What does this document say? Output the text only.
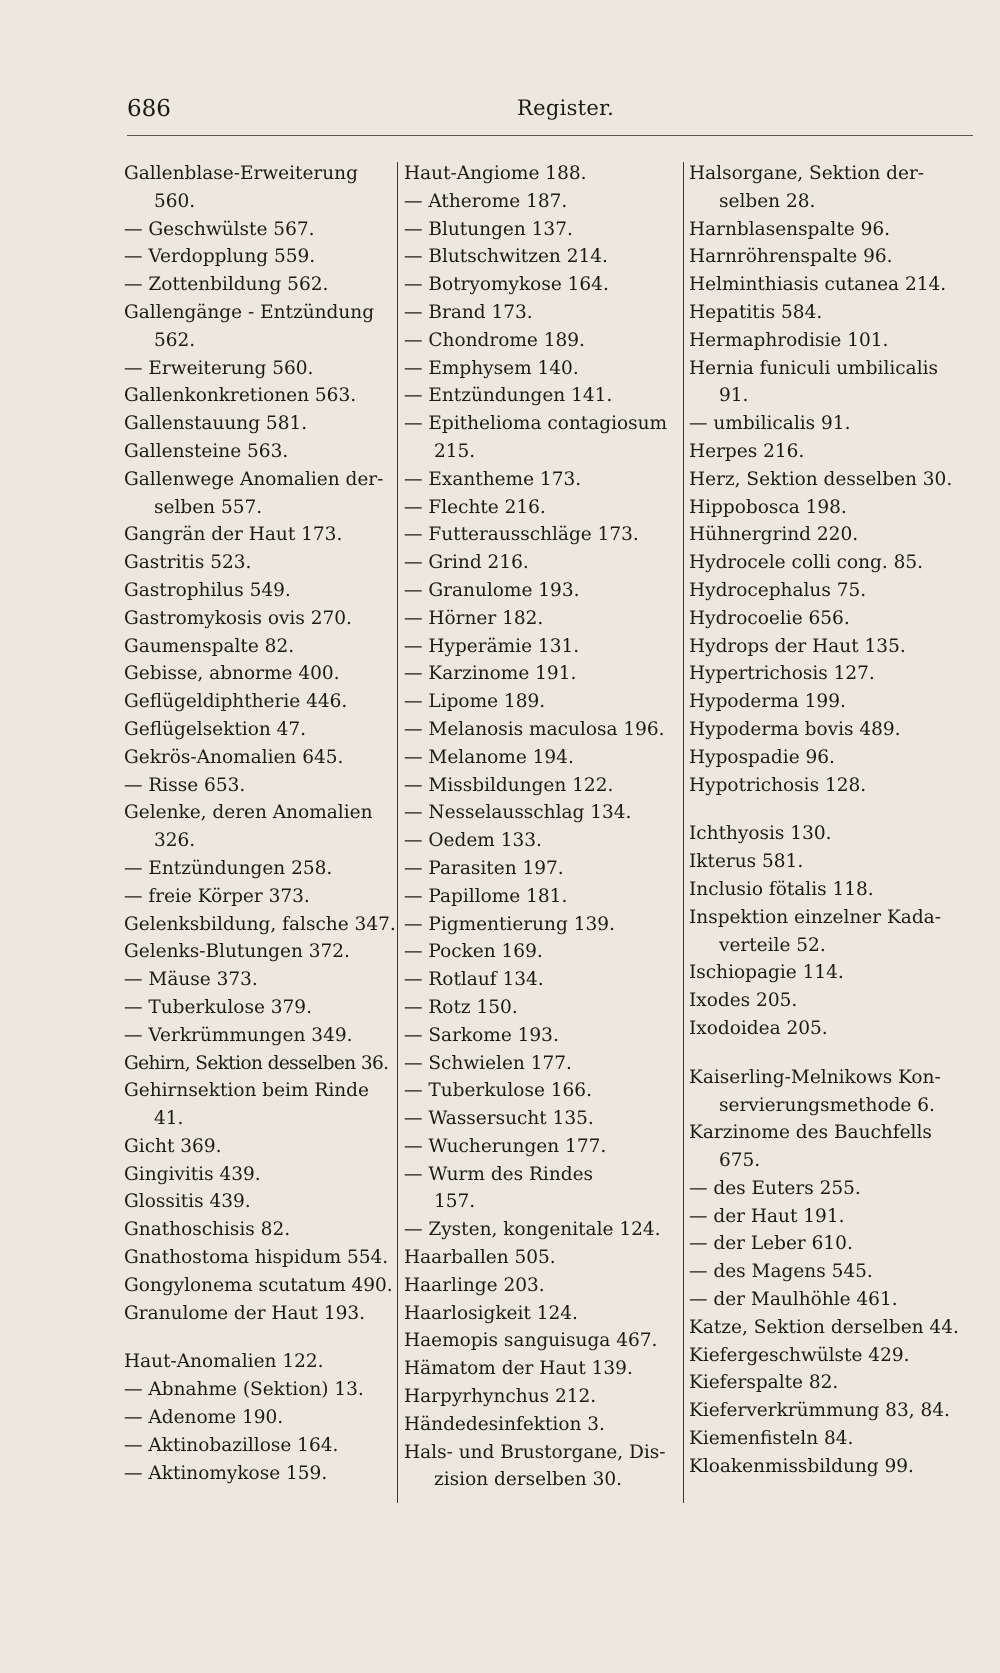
686	Register.
Gallenblase-Erweiterung
560.
— Geschwülste 567.
— Verdopplung 559.
— Zottenbildung 562.
Gallengänge - Entzündung
562.
— Erweiterung 560.
Gallenkonkretionen 563.
Gallenstauung 581.
Gallensteine 563.
Gallenwege Anomalien der-
selben 557.
Gangrän der Haut 173.
Gastritis 523.
Gastrophilus 549.
Gastromykosis ovis 270.
Gaumenspalte 82.
Gebisse, abnorme 400.
Geflügeldiphtherie 446.
Geflügelsektion 47.
Gekrös-Anomalien 645.
— Risse 653.
Gelenke, deren Anomalien
326.
— Entzündungen 258.
— freie Körper 373.
Gelenksbildung, falsche 347.
Gelenks-Blutungen 372.
— Mäuse 373.
— Tuberkulose 379.
— Verkrümmungen 349.
Gehirn, Sektion desselben 36.
Gehirnsektion beim Rinde
41.
Gicht 369.
Gingivitis 439.
Glossitis 439.
Gnathoschisis 82.
Gnathostoma hispidum 554.
Gongylonema scutatum 490.
Granulome der Haut 193.
Haut-Anomalien 122.
— Abnahme (Sektion) 13.
— Adenome 190.
— Aktinobazillose 164.
— Aktinomykose 159.
Haut-Angiome 188.
— Atherome 187.
— Blutungen 137.
— Blutschwitzen 214.
— Botryomykose 164.
— Brand 173.
— Chondrome 189.
— Emphysem 140.
— Entzündungen 141.
— Epithelioma contagiosum
215.
— Exantheme 173.
— Flechte 216.
— Futterausschläge 173.
— Grind 216.
— Granulome 193.
— Hörner 182.
— Hyperämie 131.
— Karzinome 191.
— Lipome 189.
— Melanosis maculosa 196.
— Melanome 194.
— Missbildungen 122.
— Nesselausschlag 134.
— Oedem 133.
— Parasiten 197.
— Papillome 181.
— Pigmentierung 139.
— Pocken 169.
— Rotlauf 134.
— Rotz 150.
— Sarkome 193.
— Schwielen 177.
— Tuberkulose 166.
— Wassersucht 135.
— Wucherungen 177.
— Wurm des Rindes
157.
— Zysten, kongenitale 124.
Haarballen 505.
Haarlinge 203.
Haarlosigkeit 124.
Haemopis sanguisuga 467.
Hämatom der Haut 139.
Harpyrhynchus 212.
Händedesinfektion 3.
Hals- und Brustorgane, Dis-
zision derselben 30.
Halsorgane, Sektion der-
selben 28.
Harnblasenspalte 96.
Harnröhrenspalte 96.
Helminthiasis cutanea 214.
Hepatitis 584.
Hermaphrodisie 101.
Hernia funiculi umbilicalis
91.
— umbilicalis 91.
Herpes 216.
Herz, Sektion desselben 30.
Hippobosca 198.
Hühnergrind 220.
Hydrocele colli cong. 85.
Hydrocephalus 75.
Hydrocoelie 656.
Hydrops der Haut 135.
Hypertrichosis 127.
Hypoderma 199.
Hypoderma bovis 489.
Hypospadie 96.
Hypotrichosis 128.
Ichthyosis 130.
Ikterus 581.
Inclusio fötalis 118.
Inspektion einzelner Kada-
verteile 52.
Ischiopagie 114.
Ixodes 205.
Ixodoidea 205.
Kaiserling-Melnikows Kon-
servierungsmethode 6.
Karzinome des Bauchfells
675.
— des Euters 255.
— der Haut 191.
— der Leber 610.
— des Magens 545.
— der Maulhöhle 461.
Katze, Sektion derselben 44.
Kiefergeschwülste 429.
Kieferspalte 82.
Kieferverkrümmung 83, 84.
Kiemenfisteln 84.
Kloakenmissbildung 99.
